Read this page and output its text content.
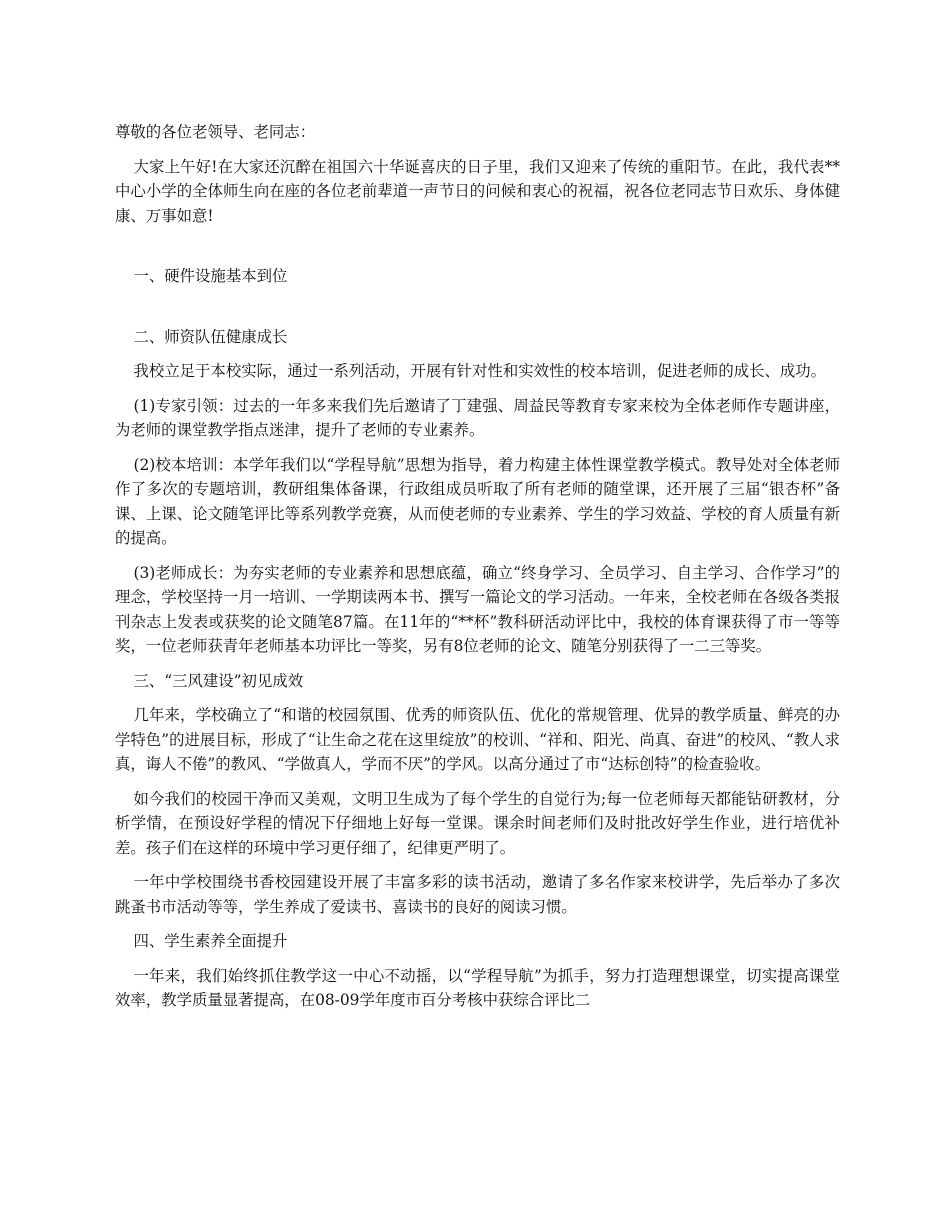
尊敬的各位老领导、老同志：

大家上午好!在大家还沉醉在祖国六十华诞喜庆的日子里，我们又迎来了传统的重阳节。在此，我代表**中心小学的全体师生向在座的各位老前辈道一声节日的问候和衷心的祝福，祝各位老同志节日欢乐、身体健康、万事如意!

一、硬件设施基本到位

二、师资队伍健康成长

我校立足于本校实际，通过一系列活动，开展有针对性和实效性的校本培训，促进老师的成长、成功。

(1)专家引领：过去的一年多来我们先后邀请了丁建强、周益民等教育专家来校为全体老师作专题讲座，为老师的课堂教学指点迷津，提升了老师的专业素养。

(2)校本培训：本学年我们以“学程导航”思想为指导，着力构建主体性课堂教学模式。教导处对全体老师作了多次的专题培训，教研组集体备课，行政组成员听取了所有老师的随堂课，还开展了三届“银杏杯”备课、上课、论文随笔评比等系列教学竞赛，从而使老师的专业素养、学生的学习效益、学校的育人质量有新的提高。

(3)老师成长：为夯实老师的专业素养和思想底蕴，确立“终身学习、全员学习、自主学习、合作学习”的理念，学校坚持一月一培训、一学期读两本书、撰写一篇论文的学习活动。一年来，全校老师在各级各类报刊杂志上发表或获奖的论文随笔87篇。在11年的“**杯”教科研活动评比中，我校的体育课获得了市一等等奖，一位老师获青年老师基本功评比一等奖，另有8位老师的论文、随笔分别获得了一二三等奖。

三、“三风建设”初见成效

几年来，学校确立了“和谐的校园氛围、优秀的师资队伍、优化的常规管理、优异的教学质量、鲜亮的办学特色”的进展目标，形成了“让生命之花在这里绽放”的校训、“祥和、阳光、尚真、奋进”的校风、“教人求真，诲人不倦”的教风、“学做真人，学而不厌”的学风。以高分通过了市“达标创特”的检查验收。

如今我们的校园干净而又美观，文明卫生成为了每个学生的自觉行为;每一位老师每天都能钻研教材，分析学情，在预设好学程的情况下仔细地上好每一堂课。课余时间老师们及时批改好学生作业，进行培优补差。孩子们在这样的环境中学习更仔细了，纪律更严明了。

一年中学校围绕书香校园建设开展了丰富多彩的读书活动，邀请了多名作家来校讲学，先后举办了多次跳蚤书市活动等等，学生养成了爱读书、喜读书的良好的阅读习惯。

四、学生素养全面提升

一年来，我们始终抓住教学这一中心不动摇，以“学程导航”为抓手，努力打造理想课堂，切实提高课堂效率，教学质量显著提高，在08-09学年度市百分考核中获综合评比二
